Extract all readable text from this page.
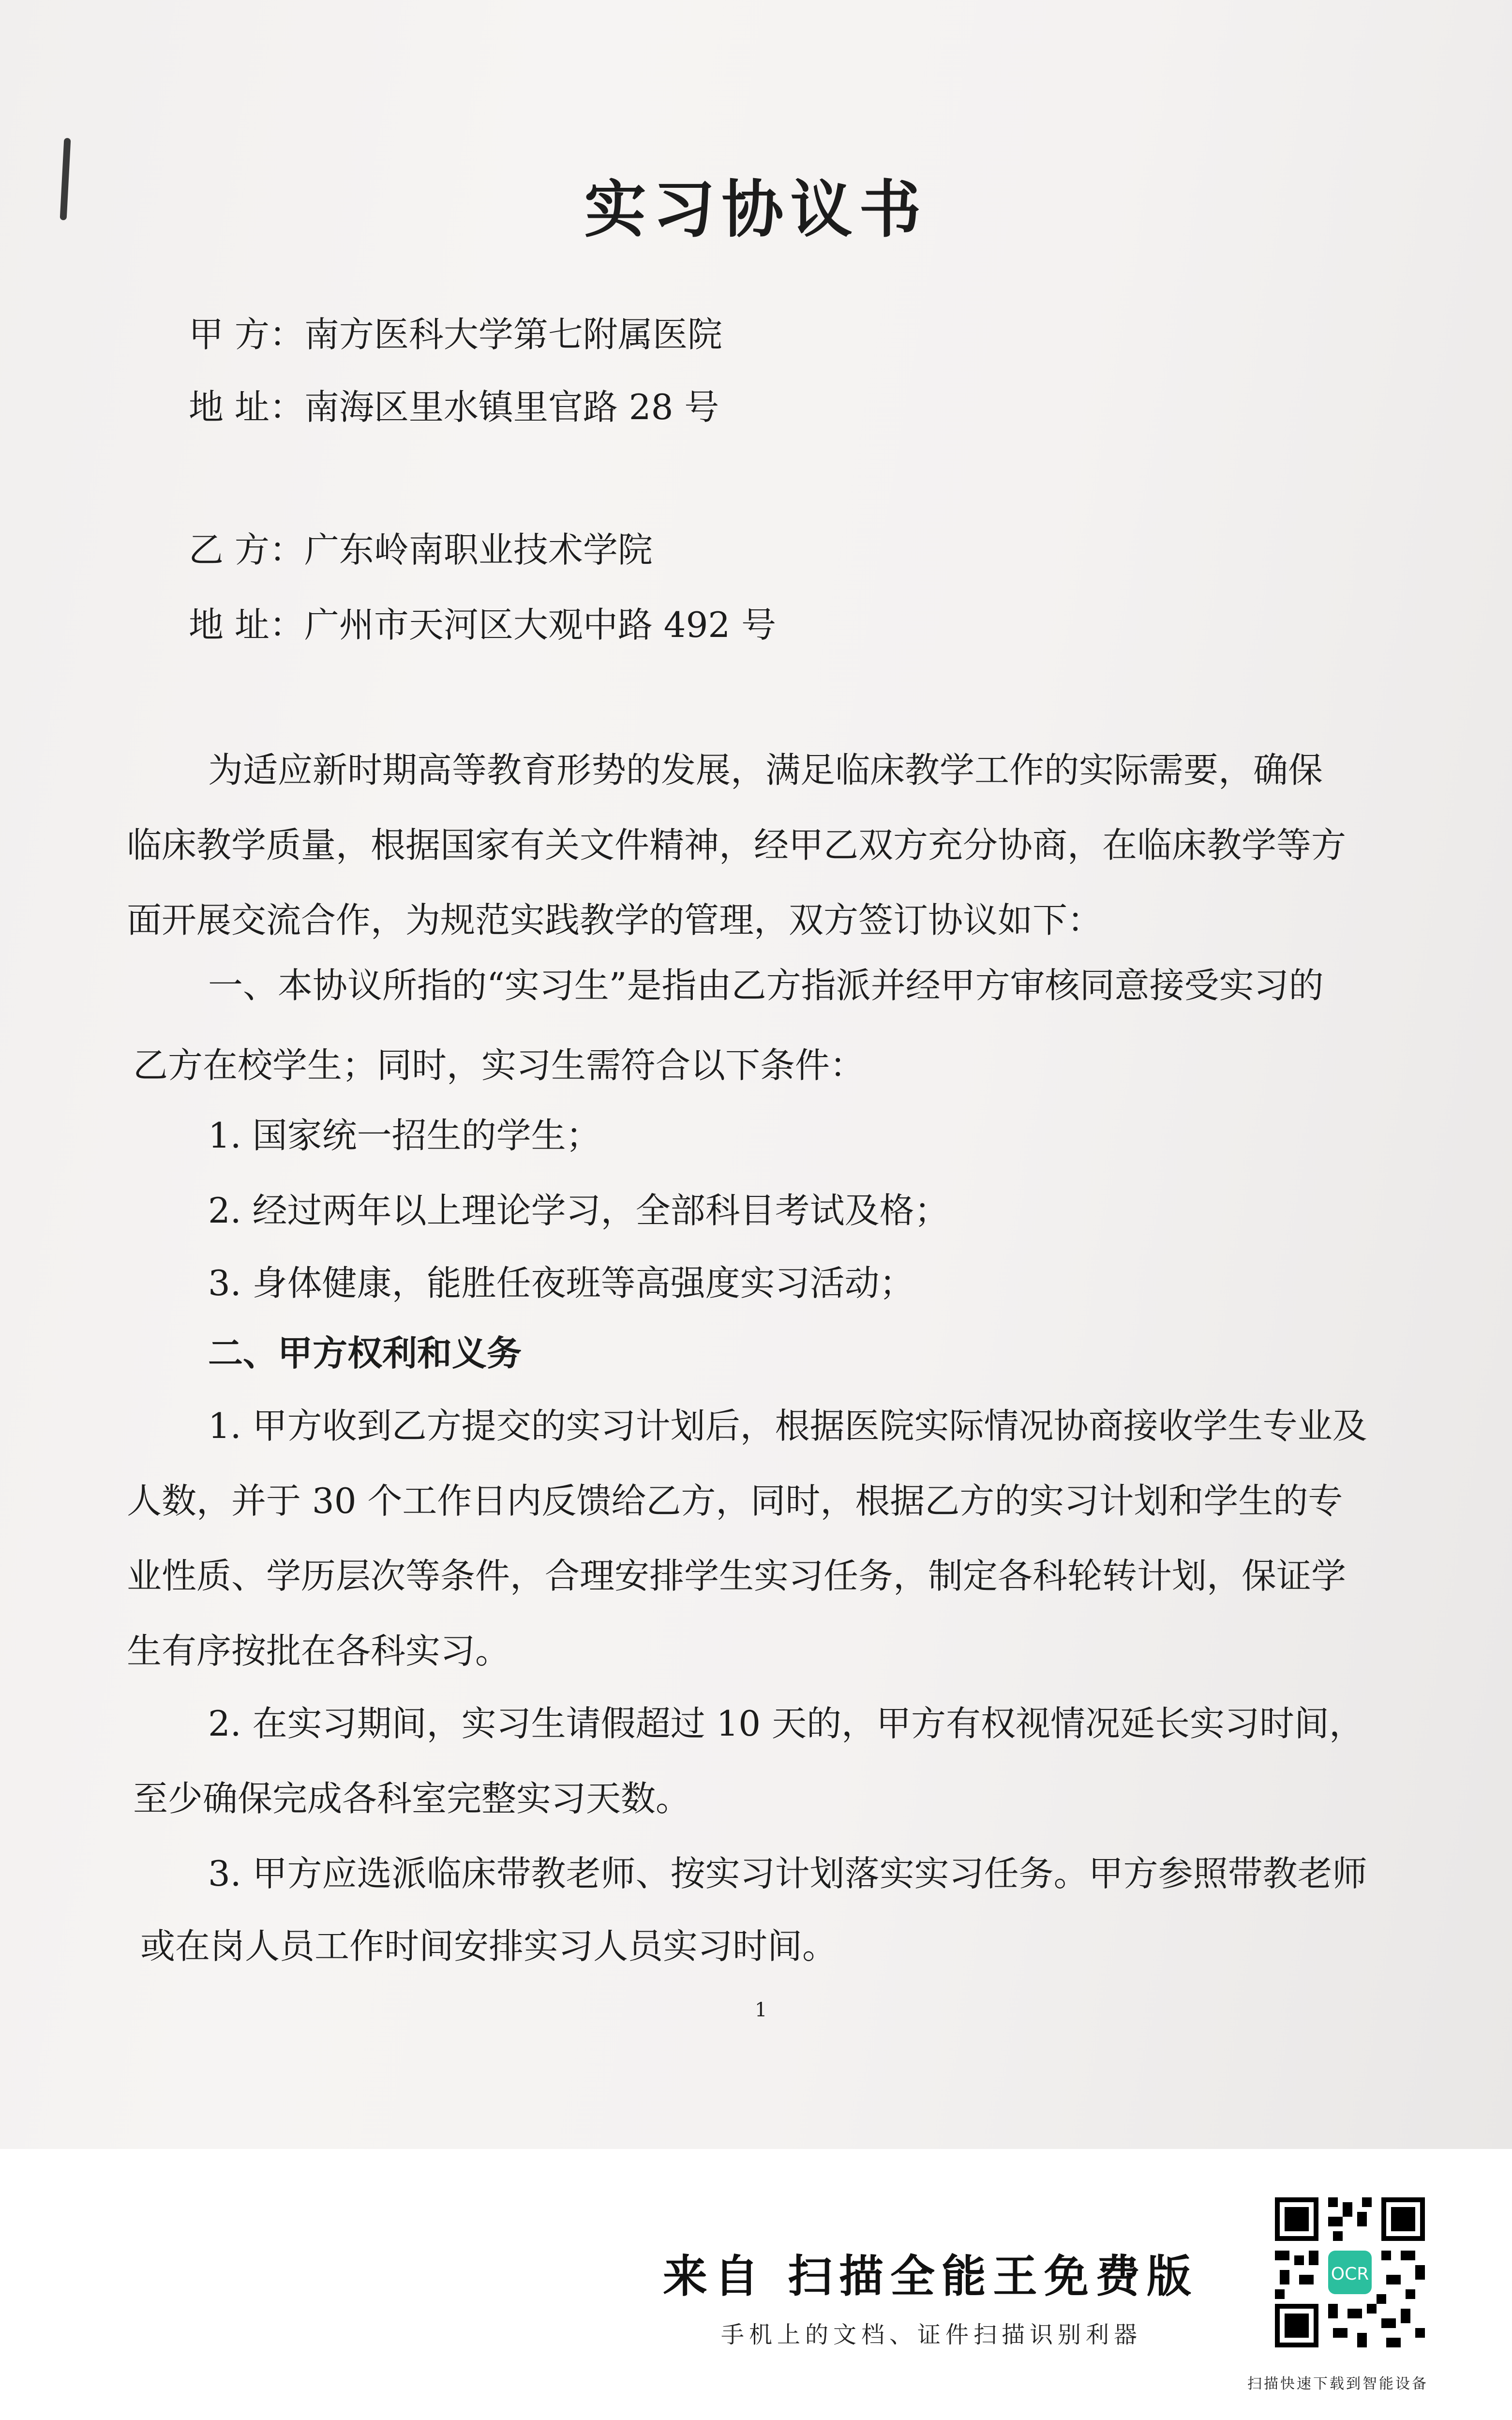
实习协议书
甲 方：南方医科大学第七附属医院
地 址：南海区里水镇里官路 28 号
乙 方：广东岭南职业技术学院
地 址：广州市天河区大观中路 492 号
为适应新时期高等教育形势的发展，满足临床教学工作的实际需要，确保
临床教学质量，根据国家有关文件精神，经甲乙双方充分协商，在临床教学等方
面开展交流合作，为规范实践教学的管理，双方签订协议如下：
一、本协议所指的“实习生”是指由乙方指派并经甲方审核同意接受实习的
乙方在校学生；同时，实习生需符合以下条件：
1. 国家统一招生的学生；
2. 经过两年以上理论学习，全部科目考试及格；
3. 身体健康，能胜任夜班等高强度实习活动；
二、甲方权利和义务
1. 甲方收到乙方提交的实习计划后，根据医院实际情况协商接收学生专业及
人数，并于 30 个工作日内反馈给乙方，同时，根据乙方的实习计划和学生的专
业性质、学历层次等条件，合理安排学生实习任务，制定各科轮转计划，保证学
生有序按批在各科实习。
2. 在实习期间，实习生请假超过 10 天的，甲方有权视情况延长实习时间，
至少确保完成各科室完整实习天数。
3. 甲方应选派临床带教老师、按实习计划落实实习任务。甲方参照带教老师
或在岗人员工作时间安排实习人员实习时间。
1
来自 扫描全能王免费版
手机上的文档、证件扫描识别利器
OCR
扫描快速下载到智能设备
